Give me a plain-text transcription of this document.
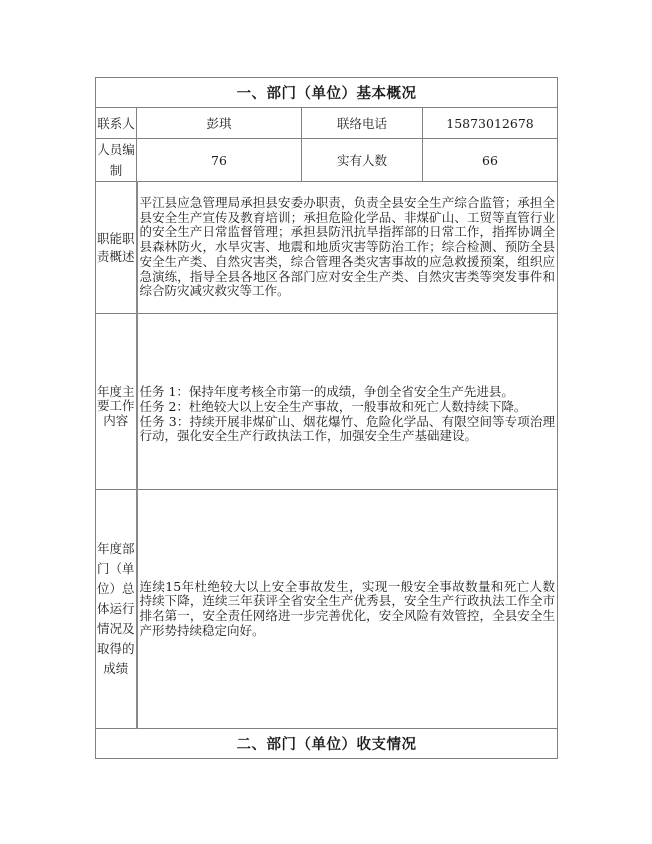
一、部门（单位）基本概况			
联系人	彭琪	联络电话	15873012678
人员编制	76	实有人数	66
职能职责概述	平江县应急管理局承担县安委办职责，负责全县安全生产综合监管；承担全县安全生产宣传及教育培训；承担危险化学品、非煤矿山、工贸等直管行业的安全生产日常监督管理；承担县防汛抗旱指挥部的日常工作，指挥协调全县森林防火，水旱灾害、地震和地质灾害等防治工作；综合检测、预防全县安全生产类、自然灾害类，综合管理各类灾害事故的应急救援预案，组织应急演练，指导全县各地区各部门应对安全生产类、自然灾害类等突发事件和综合防灾减灾救灾等工作。		
年度主要工作内容	任务 1：保持年度考核全市第一的成绩，争创全省安全生产先进县。
任务 2：杜绝较大以上安全生产事故，一般事故和死亡人数持续下降。
任务 3：持续开展非煤矿山、烟花爆竹、危险化学品、有限空间等专项治理行动，强化安全生产行政执法工作，加强安全生产基础建设。		

年度部门（单位）总体运行情况及取得的成绩	连续15年杜绝较大以上安全事故发生，实现一般安全事故数量和死亡人数持续下降，连续三年获评全省安全生产优秀县，安全生产行政执法工作全市排名第一，安全责任网络进一步完善优化，安全风险有效管控，全县安全生产形势持续稳定向好。		
二、部门（单位）收支情况			
